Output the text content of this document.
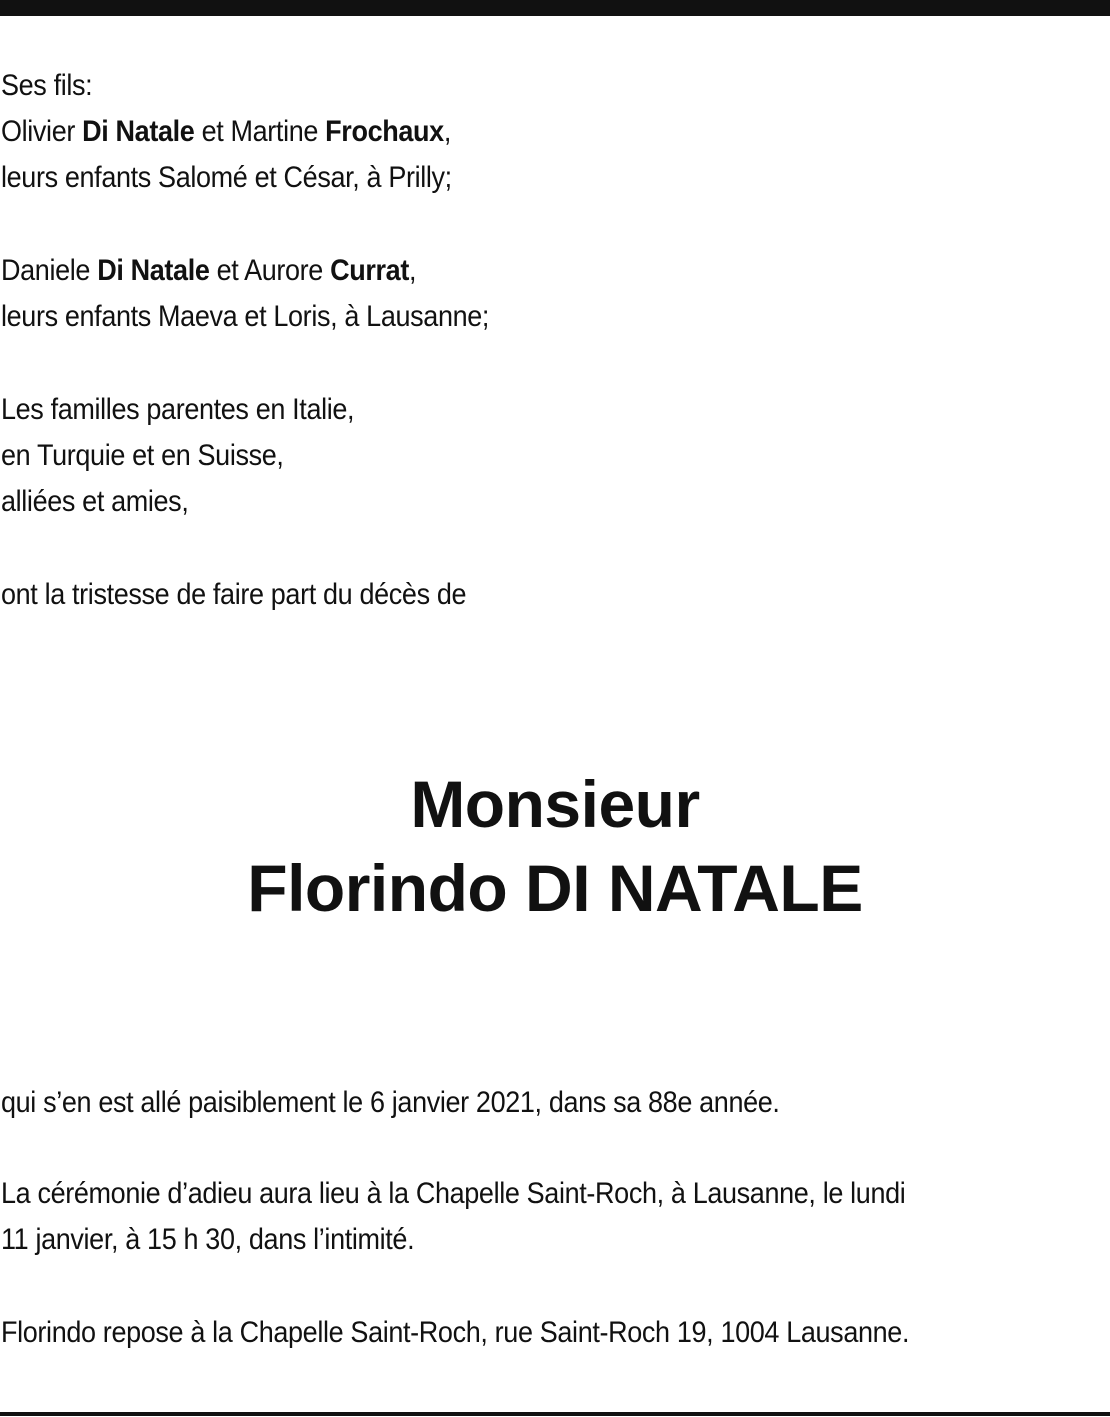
Ses fils:
Olivier Di Natale et Martine Frochaux,
leurs enfants Salomé et César, à Prilly;
Daniele Di Natale et Aurore Currat,
leurs enfants Maeva et Loris, à Lausanne;
Les familles parentes en Italie,
en Turquie et en Suisse,
alliées et amies,
ont la tristesse de faire part du décès de
Monsieur
Florindo DI NATALE
qui s’en est allé paisiblement le 6 janvier 2021, dans sa 88e année.
La cérémonie d’adieu aura lieu à la Chapelle Saint-Roch, à Lausanne, le lundi
11 janvier, à 15 h 30, dans l’intimité.
Florindo repose à la Chapelle Saint-Roch, rue Saint-Roch 19, 1004 Lausanne.
